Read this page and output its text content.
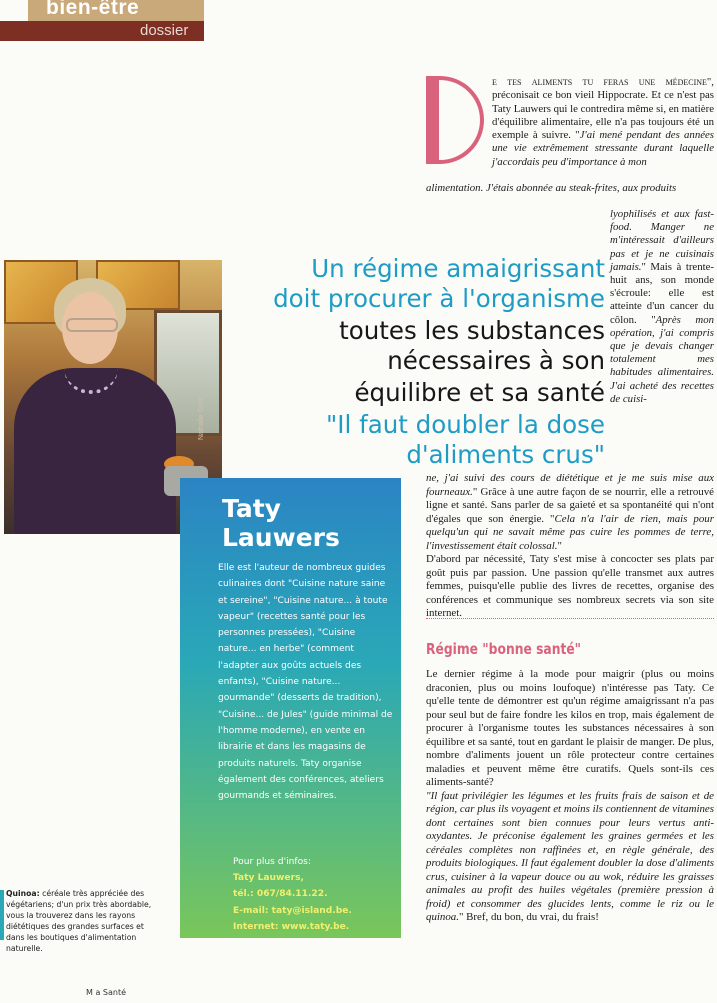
bien-être
dossier
e tes aliments tu feras une médecine", préconisait ce bon vieil Hippocrate. Et ce n'est pas Taty Lauwers qui le contredira même si, en matière d'équilibre alimentaire, elle n'a pas toujours été un exemple à suivre. "J'ai mené pendant des années une vie extrêmement stressante durant laquelle j'accordais peu d'importance à mon
alimentation. J'étais abonnée au steak-frites, aux produits
lyophilisés et aux fast-food. Manger ne m'intéressait d'ailleurs pas et je ne cuisinais jamais." Mais à trente-huit ans, son monde s'écroule: elle est atteinte d'un cancer du côlon. "Après mon opération, j'ai compris que je devais changer totalement mes habitudes alimentaires. J'ai acheté des recettes de cuisi-
Nathalie Gros
Un régime amaigrissant
doit procurer à l'organisme
toutes les substances
nécessaires à son
équilibre et sa santé
"Il faut doubler la dose
d'aliments crus"
Taty
Lauwers
Elle est l'auteur de nombreux guides culinaires dont "Cuisine nature saine et sereine", "Cuisine nature... à toute vapeur" (recettes santé pour les personnes pressées), "Cuisine nature... en herbe" (comment l'adapter aux goûts actuels des enfants), "Cuisine nature... gourmande" (desserts de tradition), "Cuisine... de Jules" (guide minimal de l'homme moderne), en vente en librairie et dans les magasins de produits naturels. Taty organise également des conférences, ateliers gourmands et séminaires.
Pour plus d'infos:
Taty Lauwers,
tél.: 067/84.11.22.
E-mail: taty@island.be.
Internet: www.taty.be.
Quinoa: céréale très appréciée des végétariens; d'un prix très abordable, vous la trouverez dans les rayons diététiques des grandes surfaces et dans les boutiques d'alimentation naturelle.

ne, j'ai suivi des cours de diététique et je me suis mise aux fourneaux." Grâce à une autre façon de se nourrir, elle a retrouvé ligne et santé. Sans parler de sa gaieté et sa spontanéité qui n'ont d'égales que son énergie. "Cela n'a l'air de rien, mais pour quelqu'un qui ne savait même pas cuire les pommes de terre, l'investissement était colossal."

D'abord par nécessité, Taty s'est mise à concocter ses plats par goût puis par passion. Une passion qu'elle transmet aux autres femmes, puisqu'elle publie des livres de recettes, organise des conférences et communique ses nombreux secrets via son site internet.

Régime "bonne santé"

Le dernier régime à la mode pour maigrir (plus ou moins draconien, plus ou moins loufoque) n'intéresse pas Taty. Ce qu'elle tente de démontrer est qu'un régime amaigrissant n'a pas pour seul but de faire fondre les kilos en trop, mais également de procurer à l'organisme toutes les substances nécessaires à son équilibre et sa santé, tout en gardant le plaisir de manger. De plus, nombre d'aliments jouent un rôle protecteur contre certaines maladies et peuvent même être curatifs. Quels sont-ils ces aliments-santé?

"Il faut privilégier les légumes et les fruits frais de saison et de région, car plus ils voyagent et moins ils contiennent de vitamines dont certaines sont bien connues pour leurs vertus anti-oxydantes. Je préconise également les graines germées et les céréales complètes non raffinées et, en règle générale, des produits biologiques. Il faut également doubler la dose d'aliments crus, cuisiner à la vapeur douce ou au wok, réduire les graisses animales au profit des huiles végétales (première pression à froid) et consommer des glucides lents, comme le riz ou le quinoa." Bref, du bon, du vrai, du frais!

M a Santé
